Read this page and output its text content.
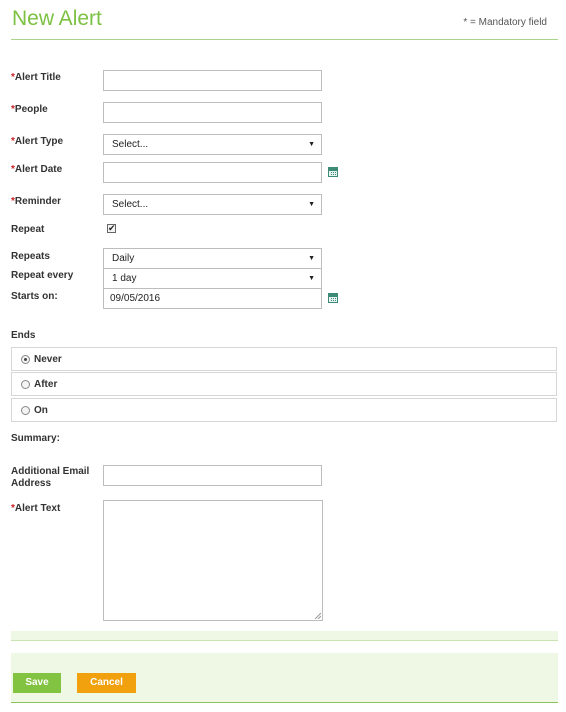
New Alert	* = Mandatory field
*Alert Title
*People
*Alert Type	Select... ▼
*Alert Date
*Reminder	Select... ▼
Repeat	✔
Repeats	Daily ▼
Repeat every	1 day ▼
Starts on:	09/05/2016
Ends
Never
After
On
Summary:
Additional Email
Address
*Alert Text
Save	Cancel
